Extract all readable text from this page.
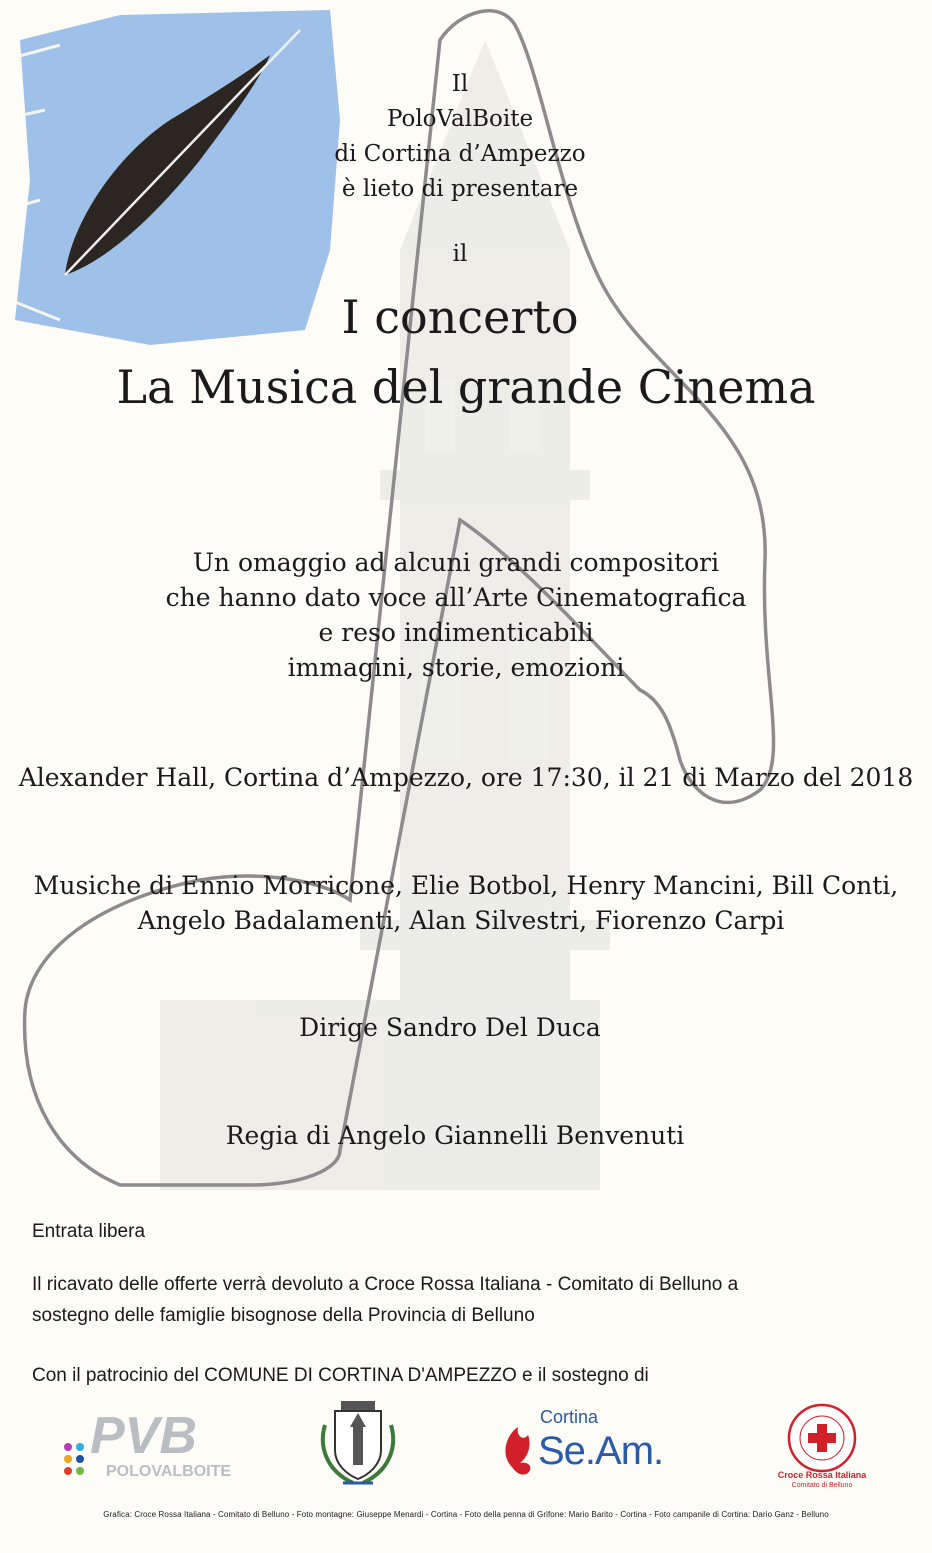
Il
PoloValBoite
di Cortina d’Ampezzo
è lieto di presentare
il
I concerto
La Musica del grande Cinema
Un omaggio ad alcuni grandi compositori
che hanno dato voce all’Arte Cinematografica
e reso indimenticabili
immagini, storie, emozioni
Alexander Hall, Cortina d’Ampezzo, ore 17:30, il 21 di Marzo del 2018
Musiche di Ennio Morricone, Elie Botbol, Henry Mancini, Bill Conti,
Angelo Badalamenti, Alan Silvestri, Fiorenzo Carpi
Dirige Sandro Del Duca
Regia di Angelo Giannelli Benvenuti
Entrata libera
Il ricavato delle offerte verrà devoluto a Croce Rossa Italiana - Comitato di Belluno a
sostegno delle famiglie bisognose della Provincia di Belluno
Con il patrocinio del COMUNE DI CORTINA D'AMPEZZO e il sostegno di
PVB
POLOVALBOITE
Cortina
Se.Am.
Croce Rossa Italiana
Comitato di Belluno
Grafica: Croce Rossa Italiana - Comitato di Belluno - Foto montagne: Giuseppe Menardi - Cortina - Foto della penna di Grifone: Mario Barito - Cortina - Foto campanile di Cortina: Dario Ganz - Belluno
